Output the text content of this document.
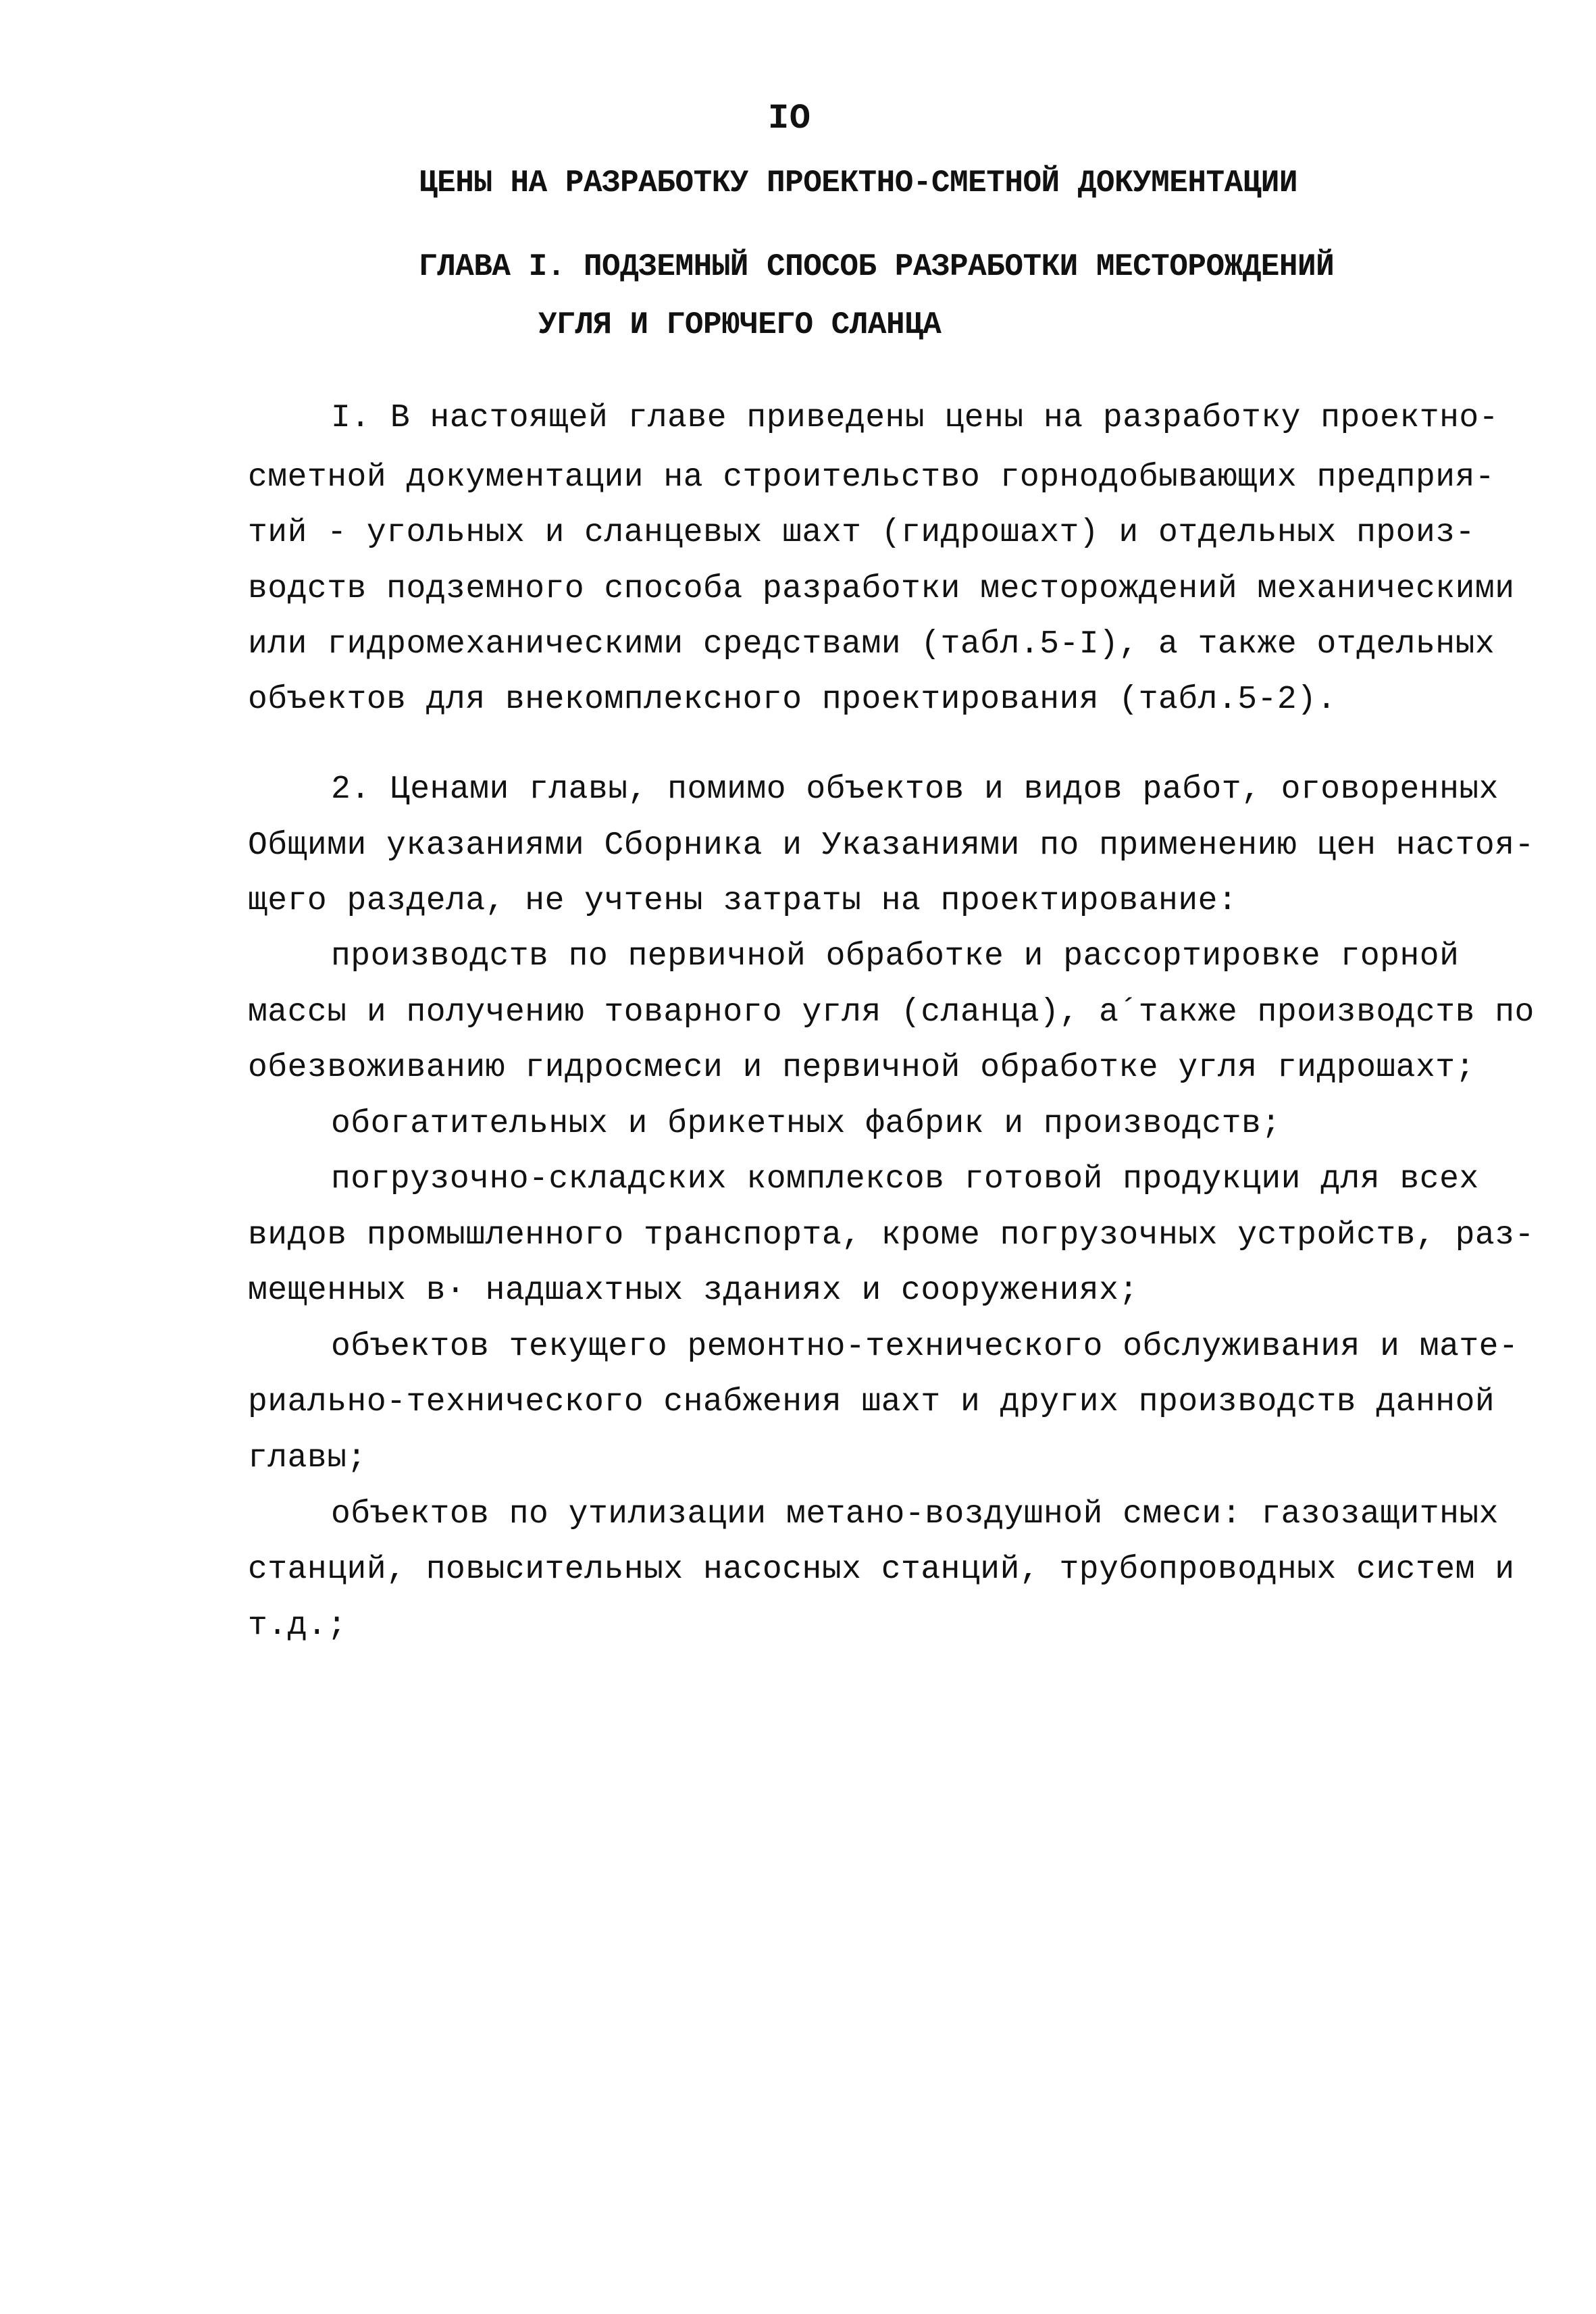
IO
ЦЕНЫ НА РАЗРАБОТКУ ПРОЕКТНО-СМЕТНОЙ ДОКУМЕНТАЦИИ
ГЛАВА I. ПОДЗЕМНЫЙ СПОСОБ РАЗРАБОТКИ МЕСТОРОЖДЕНИЙ
УГЛЯ И ГОРЮЧЕГО СЛАНЦА
I. В настоящей главе приведены цены на разработку проектно-
сметной документации на строительство горнодобывающих предприя-
тий - угольных и сланцевых шахт (гидрошахт) и отдельных произ-
водств подземного способа разработки месторождений механическими
или гидромеханическими средствами (табл.5-I), а также отдельных
объектов для внекомплексного проектирования (табл.5-2).
2. Ценами главы, помимо объектов и видов работ, оговоренных
Общими указаниями Сборника и Указаниями по применению цен настоя-
щего раздела, не учтены затраты на проектирование:
производств по первичной обработке и рассортировке горной
массы и получению товарного угля (сланца), а´также производств по
обезвоживанию гидросмеси и первичной обработке угля гидрошахт;
обогатительных и брикетных фабрик и производств;
погрузочно-складских комплексов готовой продукции для всех
видов промышленного транспорта, кроме погрузочных устройств, раз-
мещенных в· надшахтных зданиях и сооружениях;
объектов текущего ремонтно-технического обслуживания и мате-
риально-технического снабжения шахт и других производств данной
главы;
объектов по утилизации метано-воздушной смеси: газозащитных
станций, повысительных насосных станций, трубопроводных систем и
т.д.;
